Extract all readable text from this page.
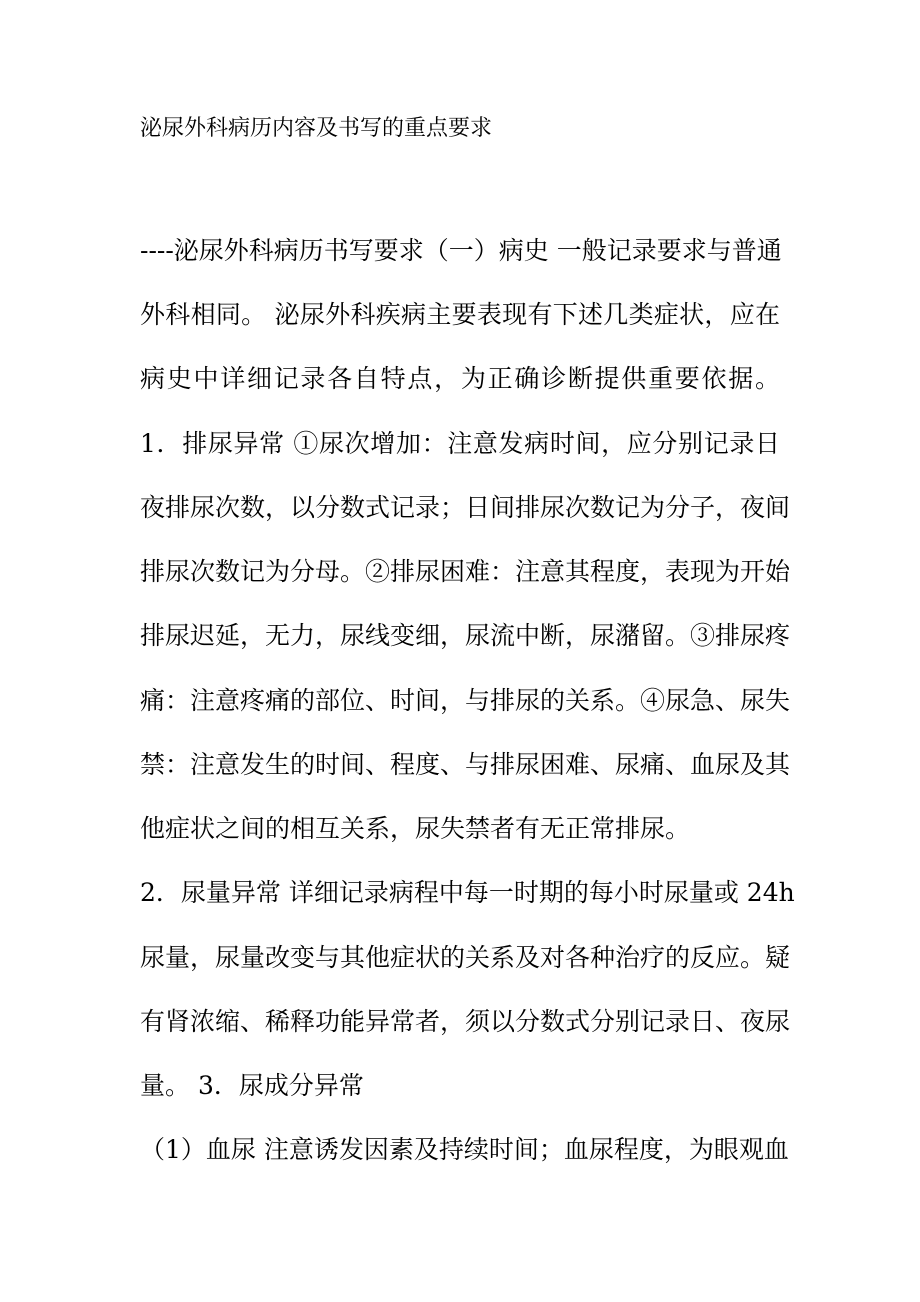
泌尿外科病历内容及书写的重点要求
----泌尿外科病历书写要求（一）病史 一般记录要求与普通
外科相同。 泌尿外科疾病主要表现有下述几类症状，应在
病史中详细记录各自特点，为正确诊断提供重要依据。
1．排尿异常 ①尿次增加：注意发病时间，应分别记录日
夜排尿次数，以分数式记录；日间排尿次数记为分子，夜间
排尿次数记为分母。②排尿困难：注意其程度，表现为开始
排尿迟延，无力，尿线变细，尿流中断，尿潴留。③排尿疼
痛：注意疼痛的部位、时间，与排尿的关系。④尿急、尿失
禁：注意发生的时间、程度、与排尿困难、尿痛、血尿及其
他症状之间的相互关系，尿失禁者有无正常排尿。
2．尿量异常 详细记录病程中每一时期的每小时尿量或 24h
尿量，尿量改变与其他症状的关系及对各种治疗的反应。疑
有肾浓缩、稀释功能异常者，须以分数式分别记录日、夜尿
量。 3．尿成分异常
（1）血尿 注意诱发因素及持续时间；血尿程度，为眼观血
